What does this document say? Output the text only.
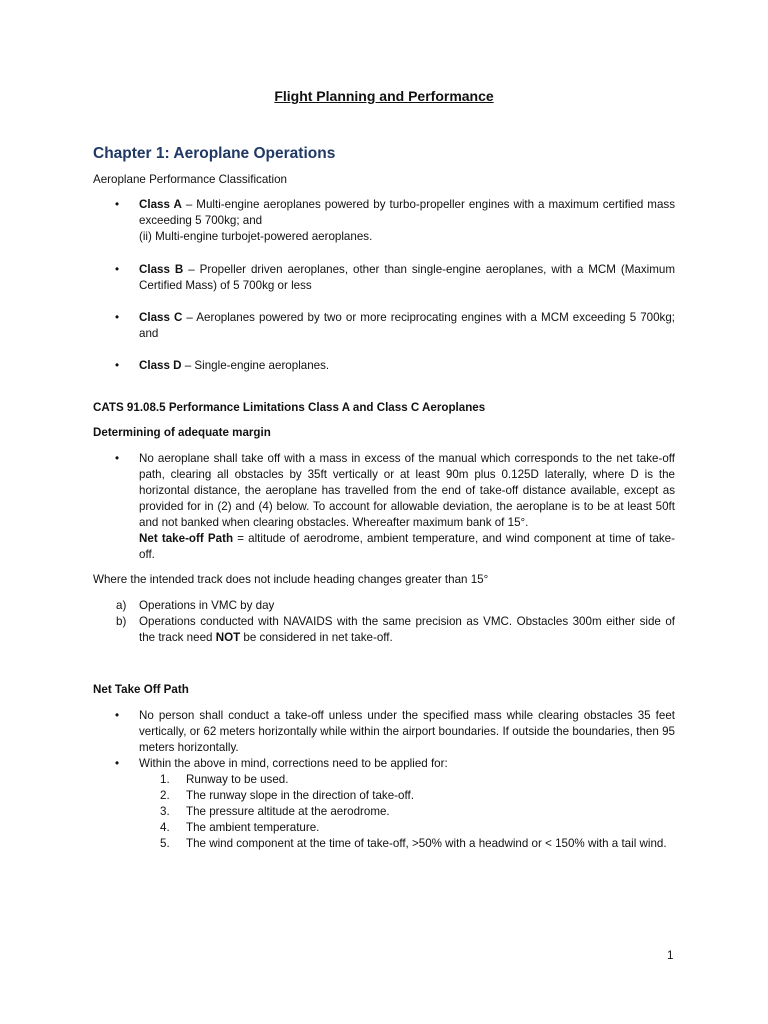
Flight Planning and Performance
Chapter 1: Aeroplane Operations

Aeroplane Performance Classification

• Class A – Multi-engine aeroplanes powered by turbo-propeller engines with a maximum certified mass exceeding 5 700kg; and
(ii) Multi-engine turbojet-powered aeroplanes.
• Class B – Propeller driven aeroplanes, other than single-engine aeroplanes, with a MCM (Maximum Certified Mass) of 5 700kg or less
• Class C – Aeroplanes powered by two or more reciprocating engines with a MCM exceeding 5 700kg; and
• Class D – Single-engine aeroplanes.

CATS 91.08.5 Performance Limitations Class A and Class C Aeroplanes

Determining of adequate margin

• No aeroplane shall take off with a mass in excess of the manual which corresponds to the net take-off path, clearing all obstacles by 35ft vertically or at least 90m plus 0.125D laterally, where D is the horizontal distance, the aeroplane has travelled from the end of take-off distance available, except as provided for in (2) and (4) below. To account for allowable deviation, the aeroplane is to be at least 50ft and not banked when clearing obstacles. Whereafter maximum bank of 15°.
Net take-off Path = altitude of aerodrome, ambient temperature, and wind component at time of take-off.

Where the intended track does not include heading changes greater than 15°

a)	Operations in VMC by day
b)	Operations conducted with NAVAIDS with the same precision as VMC. Obstacles 300m either side of the track need NOT be considered in net take-off.

Net Take Off Path

• No person shall conduct a take-off unless under the specified mass while clearing obstacles 35 feet vertically, or 62 meters horizontally while within the airport boundaries. If outside the boundaries, then 95 meters horizontally.
• Within the above in mind, corrections need to be applied for:
1. Runway to be used.
2. The runway slope in the direction of take-off.
3. The pressure altitude at the aerodrome.
4. The ambient temperature.
5. The wind component at the time of take-off, >50% with a headwind or < 150% with a tail wind.

1
